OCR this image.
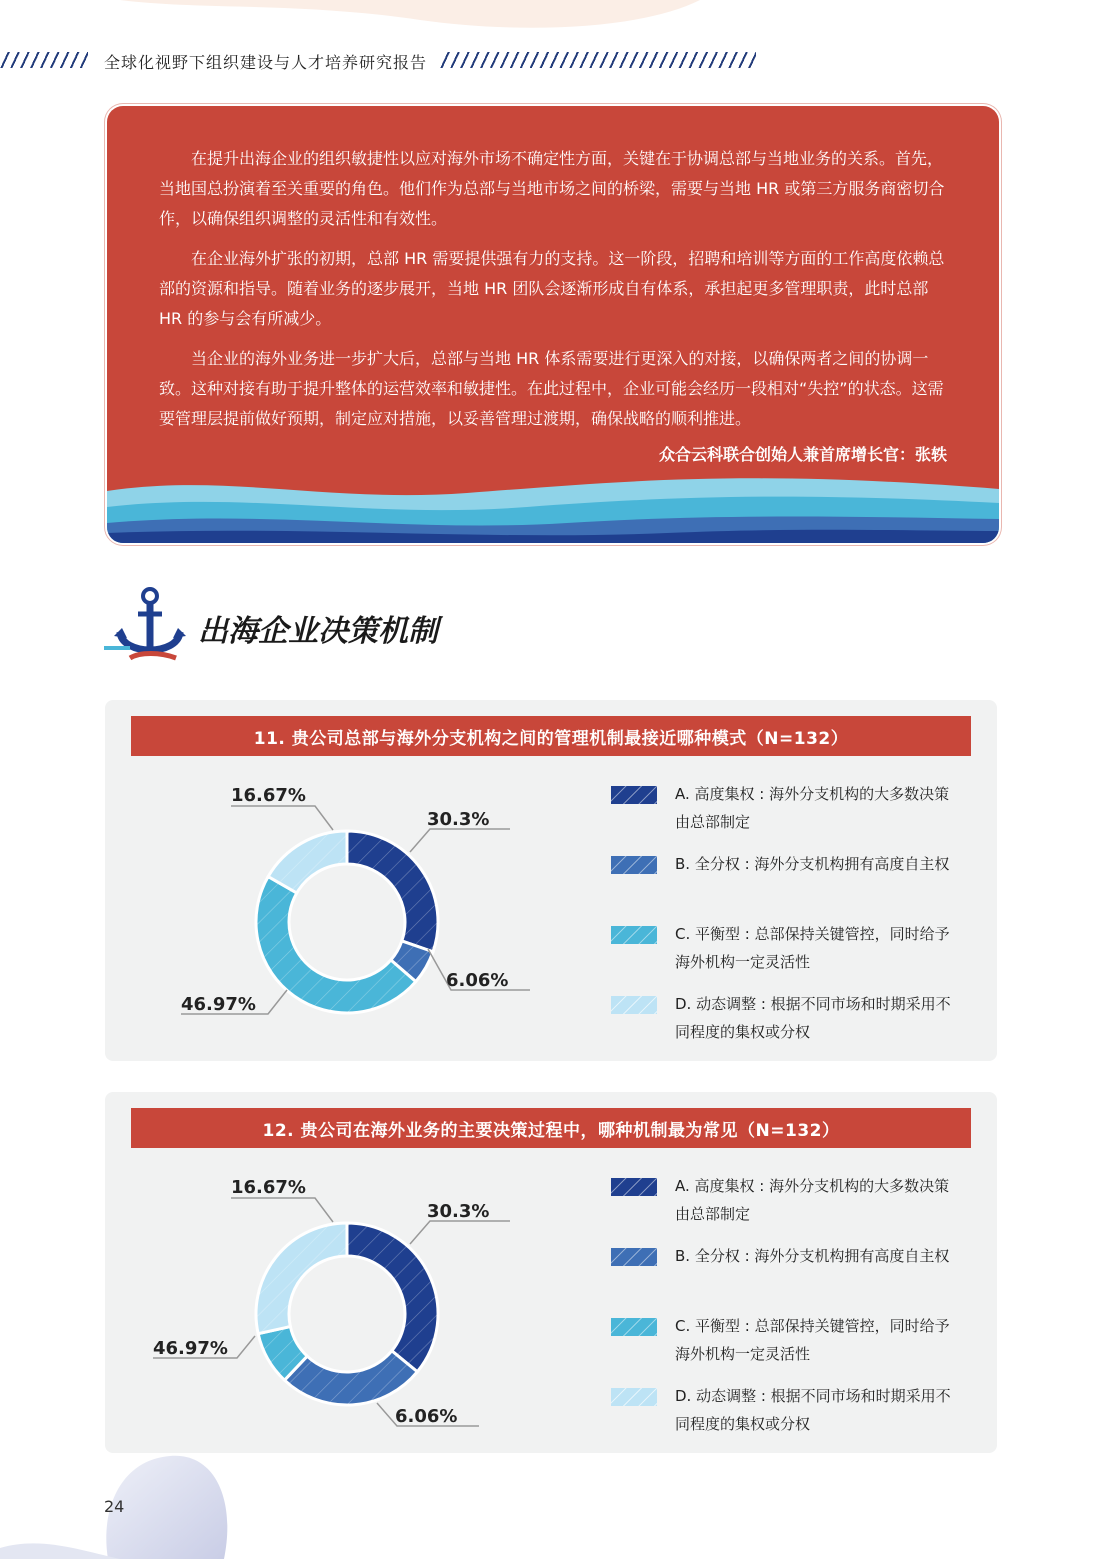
全球化视野下组织建设与人才培养研究报告

在提升出海企业的组织敏捷性以应对海外市场不确定性方面，关键在于协调总部与当地业务的关系。首先，当地国总扮演着至关重要的角色。他们作为总部与当地市场之间的桥梁，需要与当地 HR 或第三方服务商密切合作，以确保组织调整的灵活性和有效性。

在企业海外扩张的初期，总部 HR 需要提供强有力的支持。这一阶段，招聘和培训等方面的工作高度依赖总部的资源和指导。随着业务的逐步展开，当地 HR 团队会逐渐形成自有体系，承担起更多管理职责，此时总部 HR 的参与会有所减少。

当企业的海外业务进一步扩大后，总部与当地 HR 体系需要进行更深入的对接，以确保两者之间的协调一致。这种对接有助于提升整体的运营效率和敏捷性。在此过程中，企业可能会经历一段相对“失控”的状态。这需要管理层提前做好预期，制定应对措施，以妥善管理过渡期，确保战略的顺利推进。

众合云科联合创始人兼首席增长官：张轶
出海企业决策机制
11. 贵公司总部与海外分支机构之间的管理机制最接近哪种模式（N=132）
30.3%
6.06%
46.97%
16.67%	A. 高度集权 : 海外分支机构的大多数决策由总部制定
B. 全分权 : 海外分支机构拥有高度自主权
C. 平衡型 : 总部保持关键管控，同时给予海外机构一定灵活性
D. 动态调整 : 根据不同市场和时期采用不同程度的集权或分权
12. 贵公司在海外业务的主要决策过程中，哪种机制最为常见（N=132）
30.3%
6.06%
46.97%
16.67%	A. 高度集权 : 海外分支机构的大多数决策由总部制定
B. 全分权 : 海外分支机构拥有高度自主权
C. 平衡型 : 总部保持关键管控，同时给予海外机构一定灵活性
D. 动态调整 : 根据不同市场和时期采用不同程度的集权或分权
24
